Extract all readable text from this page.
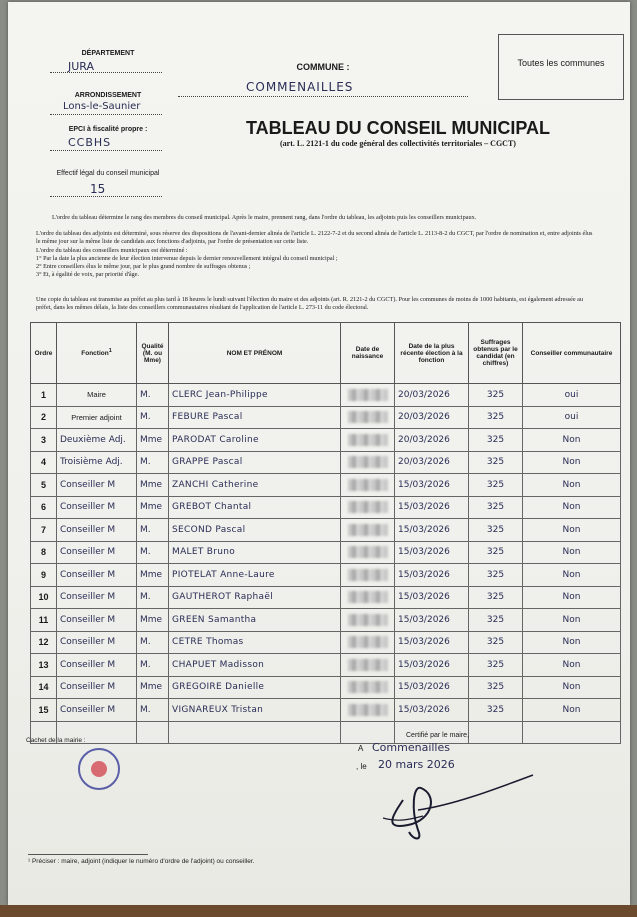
DÉPARTEMENT
JURA
ARRONDISSEMENT
Lons-le-Saunier
EPCI à fiscalité propre :
CCBHS
Effectif légal du conseil municipal
15
COMMUNE :
COMMENAILLES
Toutes les communes
TABLEAU DU CONSEIL MUNICIPAL
(art. L. 2121-1 du code général des collectivités territoriales – CGCT)
L'ordre du tableau détermine le rang des membres du conseil municipal. Après le maire, prennent rang, dans l'ordre du tableau, les adjoints puis les conseillers municipaux.
L'ordre du tableau des adjoints est déterminé, sous réserve des dispositions de l'avant-dernier alinéa de l'article L. 2122-7-2 et du second alinéa de l'article L. 2113-8-2 du CGCT, par l'ordre de nomination et, entre adjoints élus le même jour sur la même liste de candidats aux fonctions d'adjoints, par l'ordre de présentation sur cette liste.
L'ordre du tableau des conseillers municipaux est déterminé :
1° Par la date la plus ancienne de leur élection intervenue depuis le dernier renouvellement intégral du conseil municipal ;
2° Entre conseillers élus le même jour, par le plus grand nombre de suffrages obtenus ;
3° Et, à égalité de voix, par priorité d'âge.
Une copie du tableau est transmise au préfet au plus tard à 18 heures le lundi suivant l'élection du maire et des adjoints (art. R. 2121-2 du CGCT). Pour les communes de moins de 1000 habitants, est également adressée au préfet, dans les mêmes délais, la liste des conseillers communautaires résultant de l'application de l'article L. 273-11 du code électoral.
Ordre	Fonction$^1$	Qualité (M. ou Mme)	NOM ET PRÉNOM	Date de naissance	Date de la plus récente élection à la fonction	Suffrages obtenus par le candidat (en chiffres)	Conseiller communautaire
1	Maire	M.	CLERC Jean-Philippe		20/03/2026	325	oui
2	Premier adjoint	M.	FEBURE Pascal		20/03/2026	325	oui
3	Deuxième Adj.	Mme	PARODAT Caroline		20/03/2026	325	Non
4	Troisième Adj.	M.	GRAPPE Pascal		20/03/2026	325	Non
5	Conseiller M	Mme	ZANCHI Catherine		15/03/2026	325	Non
6	Conseiller M	Mme	GREBOT Chantal		15/03/2026	325	Non
7	Conseiller M	M.	SECOND Pascal		15/03/2026	325	Non
8	Conseiller M	M.	MALET Bruno		15/03/2026	325	Non
9	Conseiller M	Mme	PIOTELAT Anne-Laure		15/03/2026	325	Non
10	Conseiller M	M.	GAUTHEROT Raphaël		15/03/2026	325	Non
11	Conseiller M	Mme	GREEN Samantha		15/03/2026	325	Non
12	Conseiller M	M.	CETRE Thomas		15/03/2026	325	Non
13	Conseiller M	M.	CHAPUET Madisson		15/03/2026	325	Non
14	Conseiller M	Mme	GREGOIRE Danielle		15/03/2026	325	Non
15	Conseiller M	M.	VIGNAREUX Tristan		15/03/2026	325	Non

Cachet de la mairie :
Certifié par le maire,
A Commenailles
, le 20 mars 2026
¹ Préciser : maire, adjoint (indiquer le numéro d'ordre de l'adjoint) ou conseiller.
